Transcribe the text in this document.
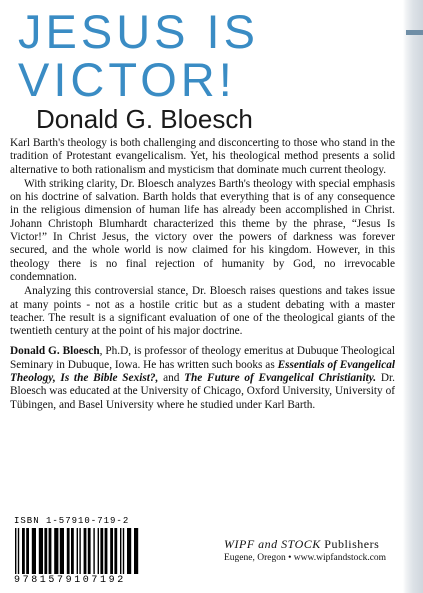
JESUS IS
VICTOR!
Donald G. Bloesch

Karl Barth's theology is both challenging and disconcerting to those who stand in the tradition of Protestant evangelicalism. Yet, his theological method presents a solid alternative to both rationalism and mysticism that dominate much current theology.

With striking clarity, Dr. Bloesch analyzes Barth's theology with special emphasis on his doctrine of salvation. Barth holds that everything that is of any consequence in the religious dimension of human life has already been accomplished in Christ. Johann Christoph Blumhardt characterized this theme by the phrase, “Jesus Is Victor!” In Christ Jesus, the victory over the powers of darkness was forever secured, and the whole world is now claimed for his kingdom. However, in this theology there is no final rejection of humanity by God, no irrevocable condemnation.

Analyzing this controversial stance, Dr. Bloesch raises questions and takes issue at many points - not as a hostile critic but as a student debating with a master teacher. The result is a significant evaluation of one of the theological giants of the twentieth century at the point of his major doctrine.

Donald G. Bloesch, Ph.D, is professor of theology emeritus at Dubuque Theological Seminary in Dubuque, Iowa. He has written such books as Essentials of Evangelical Theology, Is the Bible Sexist?, and The Future of Evangelical Christianity. Dr. Bloesch was educated at the University of Chicago, Oxford University, University of Tübingen, and Basel University where he studied under Karl Barth.

ISBN 1-57910-719-2
9781579107192
WIPF and STOCK Publishers
Eugene, Oregon • www.wipfandstock.com
